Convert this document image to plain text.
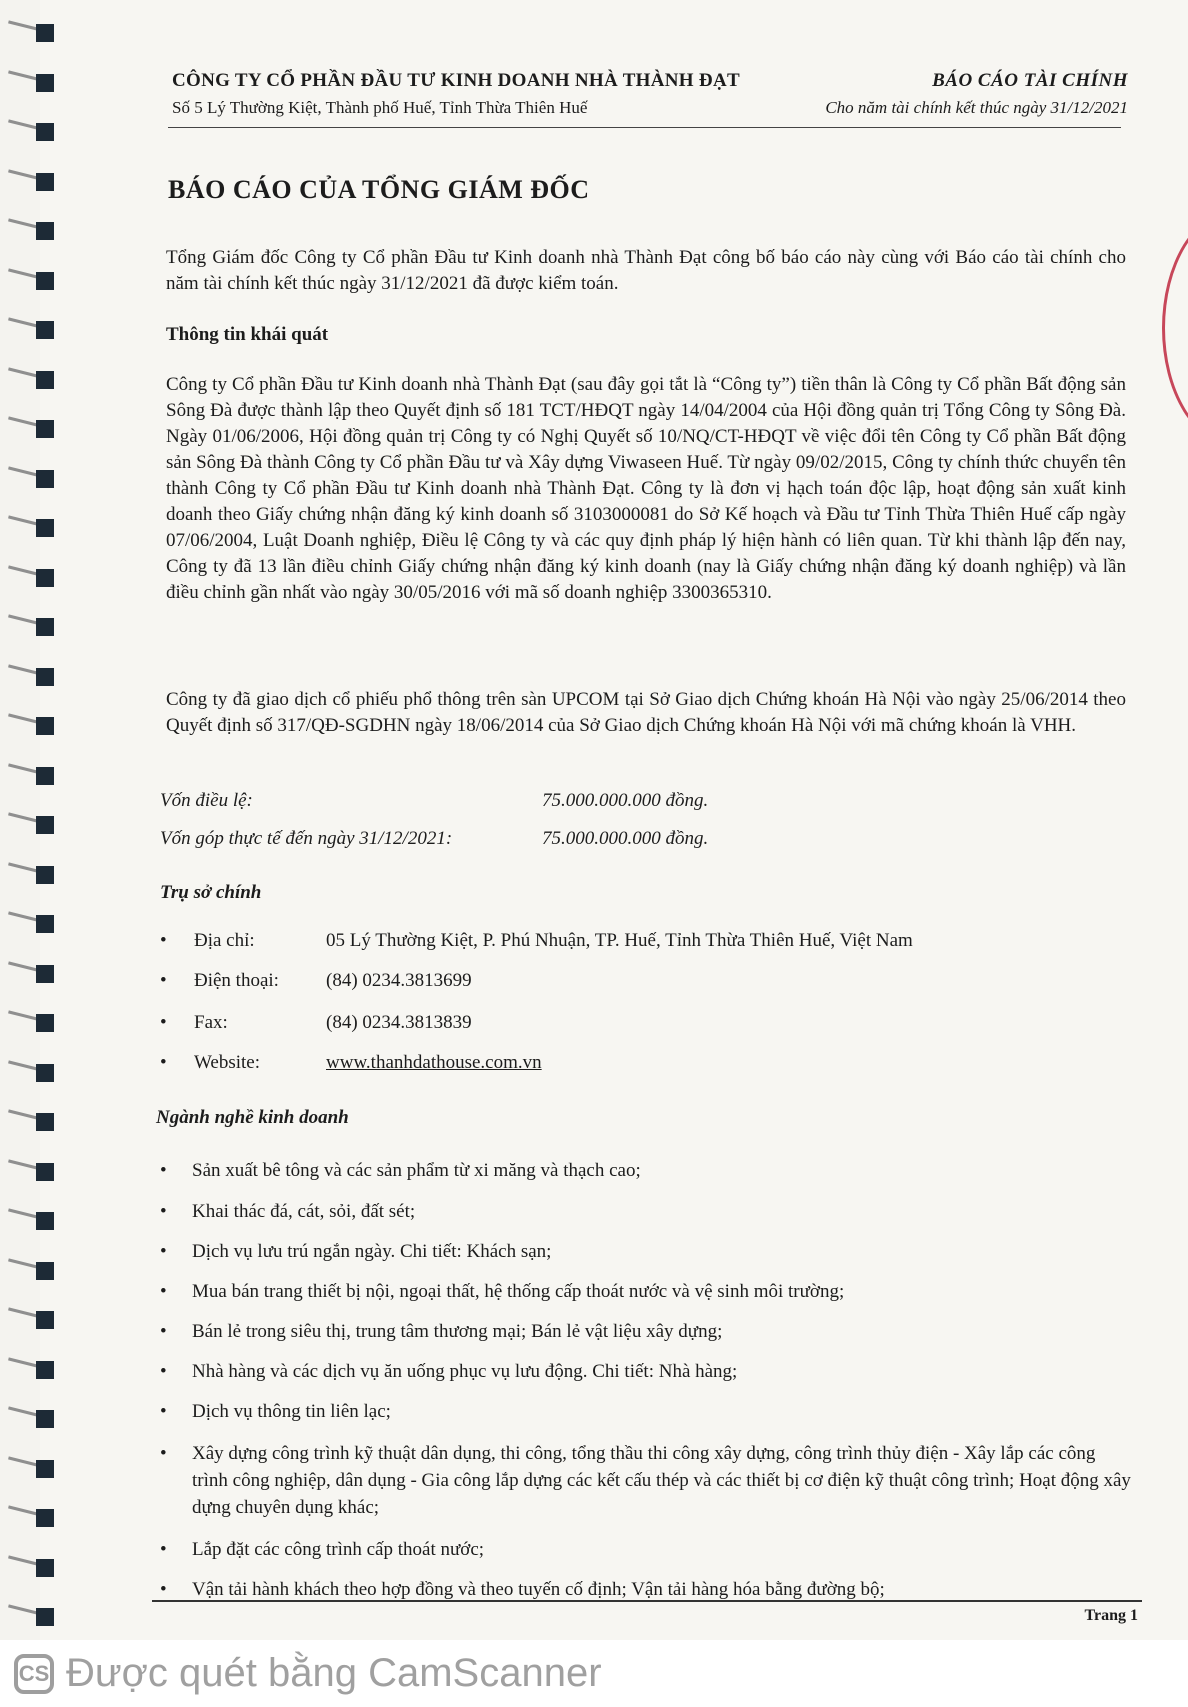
CÔNG TY CỔ PHẦN ĐẦU TƯ KINH DOANH NHÀ THÀNH ĐẠT
Số 5 Lý Thường Kiệt, Thành phố Huế, Tỉnh Thừa Thiên Huế
BÁO CÁO TÀI CHÍNH
Cho năm tài chính kết thúc ngày 31/12/2021
BÁO CÁO CỦA TỔNG GIÁM ĐỐC
Tổng Giám đốc Công ty Cổ phần Đầu tư Kinh doanh nhà Thành Đạt công bố báo cáo này cùng với Báo cáo tài chính cho năm tài chính kết thúc ngày 31/12/2021 đã được kiểm toán.
Thông tin khái quát
Công ty Cổ phần Đầu tư Kinh doanh nhà Thành Đạt (sau đây gọi tắt là “Công ty”) tiền thân là Công ty Cổ phần Bất động sản Sông Đà được thành lập theo Quyết định số 181 TCT/HĐQT ngày 14/04/2004 của Hội đồng quản trị Tổng Công ty Sông Đà. Ngày 01/06/2006, Hội đồng quản trị Công ty có Nghị Quyết số 10/NQ/CT-HĐQT về việc đổi tên Công ty Cổ phần Bất động sản Sông Đà thành Công ty Cổ phần Đầu tư và Xây dựng Viwaseen Huế. Từ ngày 09/02/2015, Công ty chính thức chuyển tên thành Công ty Cổ phần Đầu tư Kinh doanh nhà Thành Đạt. Công ty là đơn vị hạch toán độc lập, hoạt động sản xuất kinh doanh theo Giấy chứng nhận đăng ký kinh doanh số 3103000081 do Sở Kế hoạch và Đầu tư Tỉnh Thừa Thiên Huế cấp ngày 07/06/2004, Luật Doanh nghiệp, Điều lệ Công ty và các quy định pháp lý hiện hành có liên quan. Từ khi thành lập đến nay, Công ty đã 13 lần điều chỉnh Giấy chứng nhận đăng ký kinh doanh (nay là Giấy chứng nhận đăng ký doanh nghiệp) và lần điều chỉnh gần nhất vào ngày 30/05/2016 với mã số doanh nghiệp 3300365310.
Công ty đã giao dịch cổ phiếu phổ thông trên sàn UPCOM tại Sở Giao dịch Chứng khoán Hà Nội vào ngày 25/06/2014 theo Quyết định số 317/QĐ-SGDHN ngày 18/06/2014 của Sở Giao dịch Chứng khoán Hà Nội với mã chứng khoán là VHH.
Vốn điều lệ:	75.000.000.000 đồng.
Vốn góp thực tế đến ngày 31/12/2021:	75.000.000.000 đồng.
Trụ sở chính
• Địa chỉ:	05 Lý Thường Kiệt, P. Phú Nhuận, TP. Huế, Tỉnh Thừa Thiên Huế, Việt Nam
• Điện thoại: (84) 0234.3813699
• Fax:	(84) 0234.3813839
• Website:	www.thanhdathouse.com.vn
Ngành nghề kinh doanh
• Sản xuất bê tông và các sản phẩm từ xi măng và thạch cao;
• Khai thác đá, cát, sỏi, đất sét;
• Dịch vụ lưu trú ngắn ngày. Chi tiết: Khách sạn;
• Mua bán trang thiết bị nội, ngoại thất, hệ thống cấp thoát nước và vệ sinh môi trường;
• Bán lẻ trong siêu thị, trung tâm thương mại; Bán lẻ vật liệu xây dựng;
• Nhà hàng và các dịch vụ ăn uống phục vụ lưu động. Chi tiết: Nhà hàng;
• Dịch vụ thông tin liên lạc;
• Xây dựng công trình kỹ thuật dân dụng, thi công, tổng thầu thi công xây dựng, công trình thủy điện - Xây lắp các công trình công nghiệp, dân dụng - Gia công lắp dựng các kết cấu thép và các thiết bị cơ điện kỹ thuật công trình; Hoạt động xây dựng chuyên dụng khác;
• Lắp đặt các công trình cấp thoát nước;
• Vận tải hành khách theo hợp đồng và theo tuyến cố định; Vận tải hàng hóa bằng đường bộ;
Trang 1
CS Được quét bằng CamScanner
